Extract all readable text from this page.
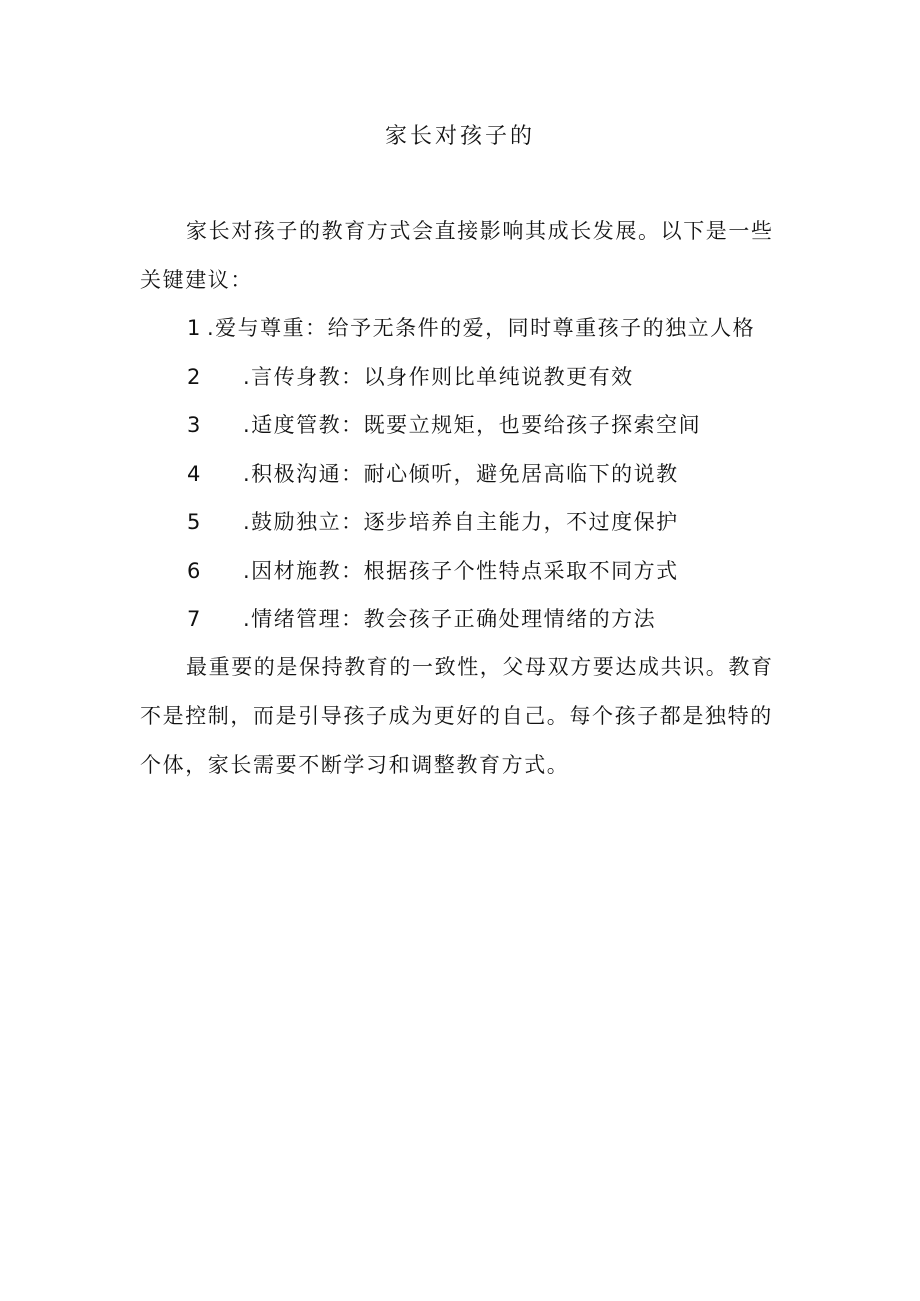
家长对孩子的

家长对孩子的教育方式会直接影响其成长发展。以下是一些关键建议：

1 .爱与尊重：给予无条件的爱，同时尊重孩子的独立人格
2	.言传身教：以身作则比单纯说教更有效
3	.适度管教：既要立规矩，也要给孩子探索空间
4	.积极沟通：耐心倾听，避免居高临下的说教
5	.鼓励独立：逐步培养自主能力，不过度保护
6	.因材施教：根据孩子个性特点采取不同方式
7	.情绪管理：教会孩子正确处理情绪的方法

最重要的是保持教育的一致性，父母双方要达成共识。教育不是控制，而是引导孩子成为更好的自己。每个孩子都是独特的个体，家长需要不断学习和调整教育方式。
